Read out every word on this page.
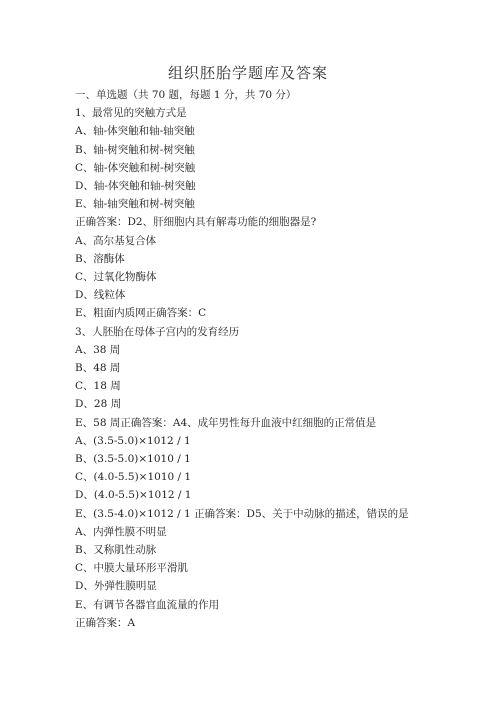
组织胚胎学题库及答案
一、单选题（共 70 题，每题 1 分，共 70 分）
1、最常见的突触方式是
A、轴-体突触和轴-轴突触
B、轴-树突触和树-树突触
C、轴-体突触和树-树突触
D、轴-体突触和轴-树突触
E、轴-轴突触和树-树突触
正确答案：D2、肝细胞内具有解毒功能的细胞器是?
A、高尔基复合体
B、溶酶体
C、过氧化物酶体
D、线粒体
E、粗面内质网正确答案：C
3、人胚胎在母体子宫内的发育经历
A、38 周
B、48 周
C、18 周
D、28 周
E、58 周正确答案：A4、成年男性每升血液中红细胞的正常值是
A、(3.5-5.0)×1012 / 1
B、(3.5-5.0)×1010 / 1
C、(4.0-5.5)×1010 / 1
D、(4.0-5.5)×1012 / 1
E、(3.5-4.0)×1012 / 1 正确答案：D5、关于中动脉的描述，错误的是
A、内弹性膜不明显
B、又称肌性动脉
C、中膜大量环形平滑肌
D、外弹性膜明显
E、有调节各器官血流量的作用
正确答案：A
